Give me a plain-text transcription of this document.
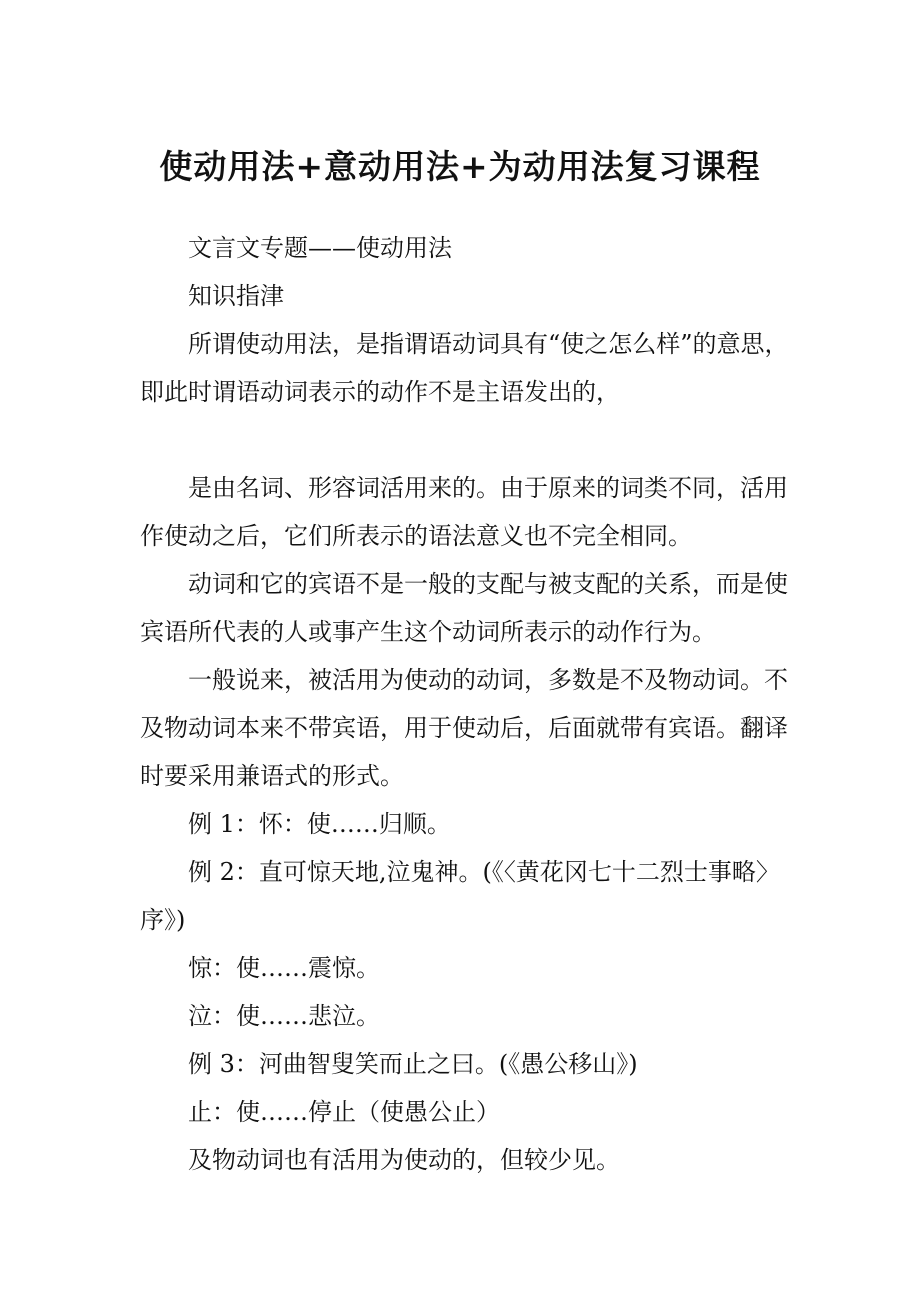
使动用法+意动用法+为动用法复习课程

文言文专题——使动用法

知识指津

所谓使动用法，是指谓语动词具有“使之怎么样”的意思，即此时谓语动词表示的动作不是主语发出的，

是由名词、形容词活用来的。由于原来的词类不同，活用作使动之后，它们所表示的语法意义也不完全相同。

动词和它的宾语不是一般的支配与被支配的关系，而是使宾语所代表的人或事产生这个动词所表示的动作行为。

一般说来，被活用为使动的动词，多数是不及物动词。不及物动词本来不带宾语，用于使动后，后面就带有宾语。翻译时要采用兼语式的形式。

例 1：怀：使……归顺。

例 2：直可惊天地,泣鬼神。(《〈黄花冈七十二烈士事略〉序》)

惊：使……震惊。

泣：使……悲泣。

例 3：河曲智叟笑而止之曰。(《愚公移山》)

止：使……停止（使愚公止）

及物动词也有活用为使动的，但较少见。
